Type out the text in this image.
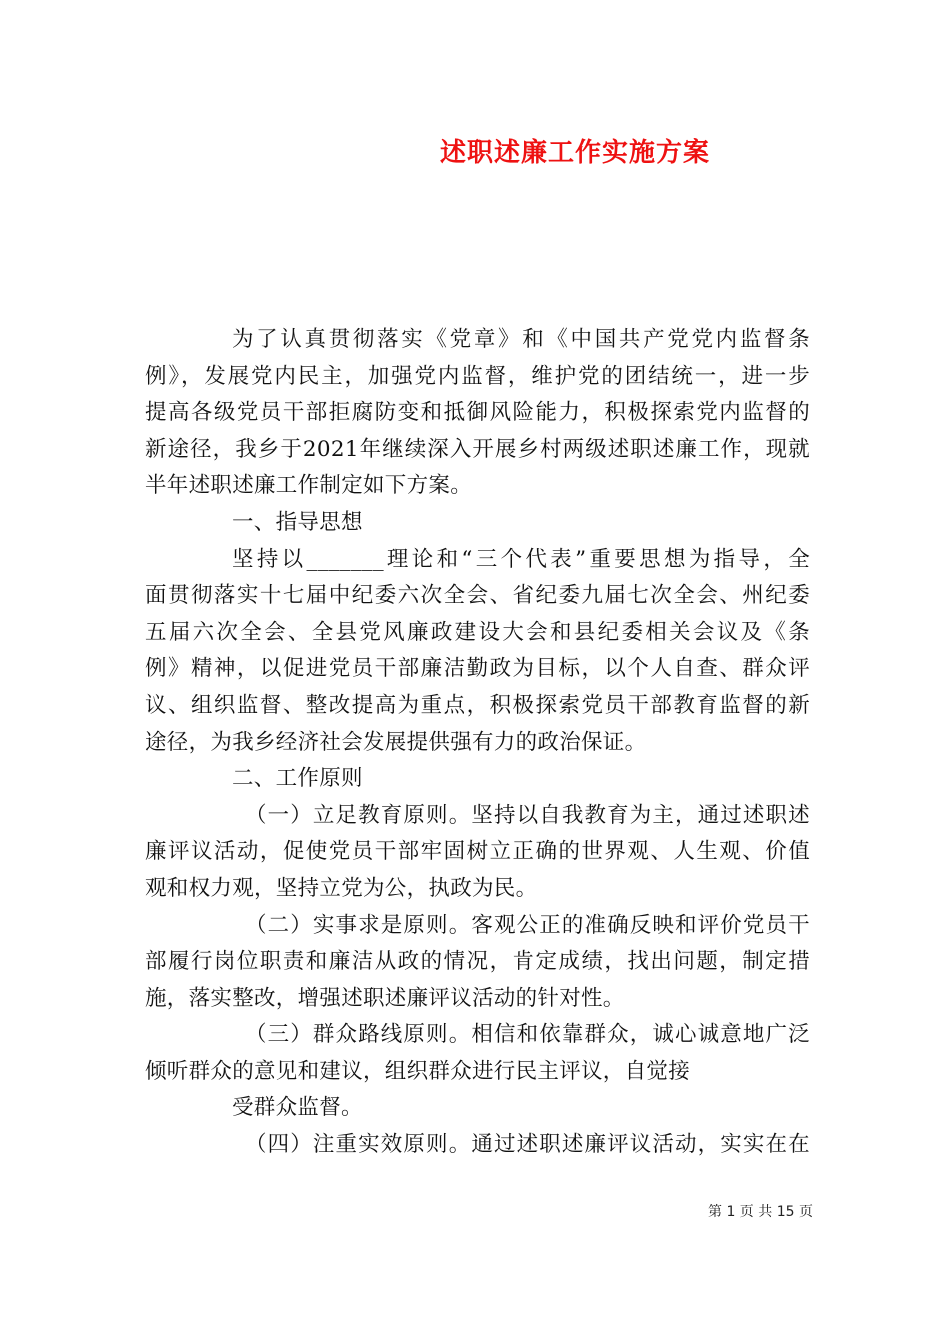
述职述廉工作实施方案
为了认真贯彻落实《党章》和《中国共产党党内监督条
例》，发展党内民主，加强党内监督，维护党的团结统一，进一步
提高各级党员干部拒腐防变和抵御风险能力，积极探索党内监督的
新途径，我乡于2021年继续深入开展乡村两级述职述廉工作，现就
半年述职述廉工作制定如下方案。
一、指导思想
坚持以_______理论和“三个代表”重要思想为指导，全
面贯彻落实十七届中纪委六次全会、省纪委九届七次全会、州纪委
五届六次全会、全县党风廉政建设大会和县纪委相关会议及《条
例》精神，以促进党员干部廉洁勤政为目标，以个人自查、群众评
议、组织监督、整改提高为重点，积极探索党员干部教育监督的新
途径，为我乡经济社会发展提供强有力的政治保证。
二、工作原则
（一）立足教育原则。坚持以自我教育为主，通过述职述
廉评议活动，促使党员干部牢固树立正确的世界观、人生观、价值
观和权力观，坚持立党为公，执政为民。
（二）实事求是原则。客观公正的准确反映和评价党员干
部履行岗位职责和廉洁从政的情况，肯定成绩，找出问题，制定措
施，落实整改，增强述职述廉评议活动的针对性。
（三）群众路线原则。相信和依靠群众，诚心诚意地广泛
倾听群众的意见和建议，组织群众进行民主评议，自觉接
受群众监督。
（四）注重实效原则。通过述职述廉评议活动，实实在在
第 1 页 共 15 页
